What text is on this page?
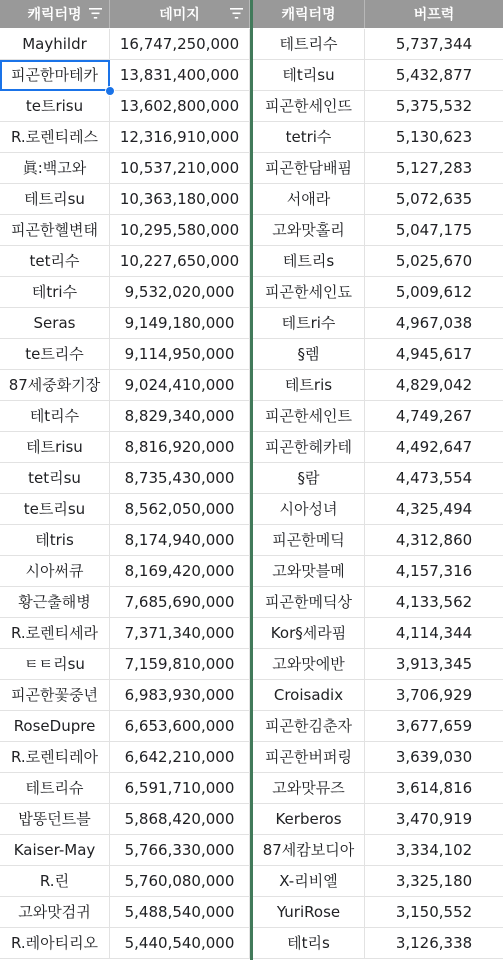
캐릭터명	데미지	캐릭터명	버프력
Mayhildr	16,747,250,000	테트리수	5,737,344
피곤한마테카	13,831,400,000	테t리su	5,432,877
te트risu	13,602,800,000	피곤한세인뜨	5,375,532
R.로렌티레스	12,316,910,000	tetri수	5,130,623
眞:백고와	10,537,210,000	피곤한담배핌	5,127,283
테트리su	10,363,180,000	서애라	5,072,635
피곤한헬변태	10,295,580,000	고와맛홀리	5,047,175
tet리수	10,227,650,000	테트리s	5,025,670
테tri수	9,532,020,000	피곤한세인됴	5,009,612
Seras	9,149,180,000	테트ri수	4,967,038
te트리수	9,114,950,000	§렘	4,945,617
87세중화기장	9,024,410,000	테트ris	4,829,042
테t리수	8,829,340,000	피곤한세인트	4,749,267
테트risu	8,816,920,000	피곤한헤카테	4,492,647
tet리su	8,735,430,000	§람	4,473,554
te트리su	8,562,050,000	시아성녀	4,325,494
테tris	8,174,940,000	피곤한메딕	4,312,860
시아써큐	8,169,420,000	고와맛블메	4,157,316
황근출해병	7,685,690,000	피곤한메딕상	4,133,562
R.로렌티세라	7,371,340,000	Kor§세라핌	4,114,344
ㅌㅌ리su	7,159,810,000	고와맛에반	3,913,345
피곤한꽃중년	6,983,930,000	Croisadix	3,706,929
RoseDupre	6,653,600,000	피곤한김춘자	3,677,659
R.로렌티레아	6,642,210,000	피곤한버퍼링	3,639,030
테트리슈	6,591,710,000	고와맛뮤즈	3,614,816
밥똥던트블	5,868,420,000	Kerberos	3,470,919
Kaiser-May	5,766,330,000	87세캄보디아	3,334,102
R.린	5,760,080,000	X-리비엘	3,325,180
고와맛검귀	5,488,540,000	YuriRose	3,150,552
R.레아티리오	5,440,540,000	테t리s	3,126,338
